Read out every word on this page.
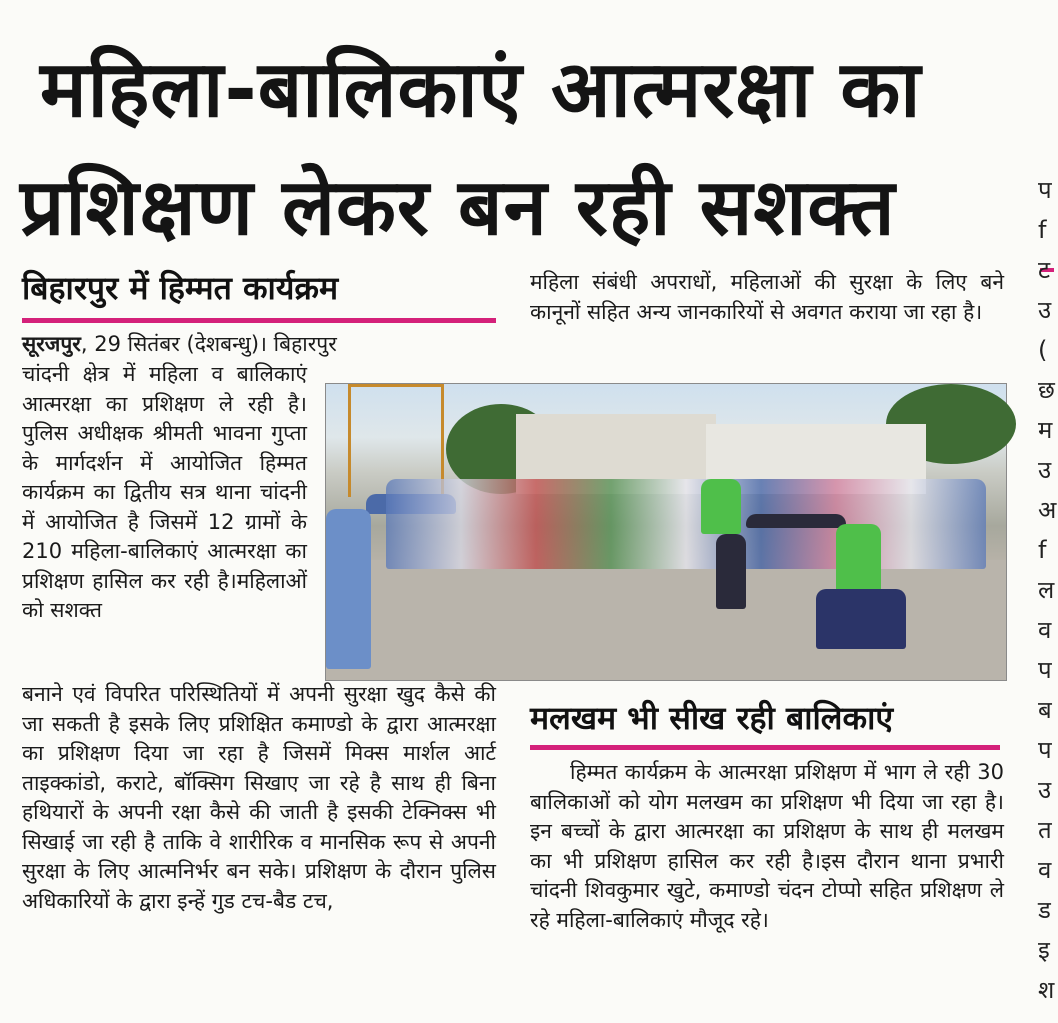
महिला-बालिकाएं आत्मरक्षा का
प्रशिक्षण लेकर बन रही सशक्त
बिहारपुर में हिम्मत कार्यक्रम

सूरजपुर, 29 सितंबर (देशबन्धु)। बिहारपुर

चांदनी क्षेत्र में महिला व बालिकाएं आत्मरक्षा का प्रशिक्षण ले रही है।पुलिस अधीक्षक श्रीमती भावना गुप्ता के मार्गदर्शन में आयोजित हिम्मत कार्यक्रम का द्वितीय सत्र थाना चांदनी में आयोजित है जिसमें 12 ग्रामों के 210 महिला-बालिकाएं आत्मरक्षा का प्रशिक्षण हासिल कर रही है।महिलाओं को सशक्त

बनाने एवं विपरित परिस्थितियों में अपनी सुरक्षा खुद कैसे की जा सकती है इसके लिए प्रशिक्षित कमाण्डो के द्वारा आत्मरक्षा का प्रशिक्षण दिया जा रहा है जिसमें मिक्स मार्शल आर्ट ताइक्कांडो, कराटे, बॉक्सिग सिखाए जा रहे है साथ ही बिना हथियारों के अपनी रक्षा कैसे की जाती है इसकी टेक्निक्स भी सिखाई जा रही है ताकि वे शारीरिक व मानसिक रूप से अपनी सुरक्षा के लिए आत्मनिर्भर बन सके। प्रशिक्षण के दौरान पुलिस अधिकारियों के द्वारा इन्हें गुड टच-बैड टच,

महिला संबंधी अपराधों, महिलाओं की सुरक्षा के लिए बने कानूनों सहित अन्य जानकारियों से अवगत कराया जा रहा है।

मलखम भी सीख रही बालिकाएं

हिम्मत कार्यक्रम के आत्मरक्षा प्रशिक्षण में भाग ले रही 30 बालिकाओं को योग मलखम का प्रशिक्षण भी दिया जा रहा है। इन बच्चों के द्वारा आत्मरक्षा का प्रशिक्षण के साथ ही मलखम का भी प्रशिक्षण हासिल कर रही है।इस दौरान थाना प्रभारी चांदनी शिवकुमार खुटे, कमाण्डो चंदन टोप्पो सहित प्रशिक्षण ले रहे महिला-बालिकाएं मौजूद रहे।

प
f
ट
उ
(
छ
म
उ
अ
f
ल
व
प
ब
प
उ
त
व
ड
इ
श
